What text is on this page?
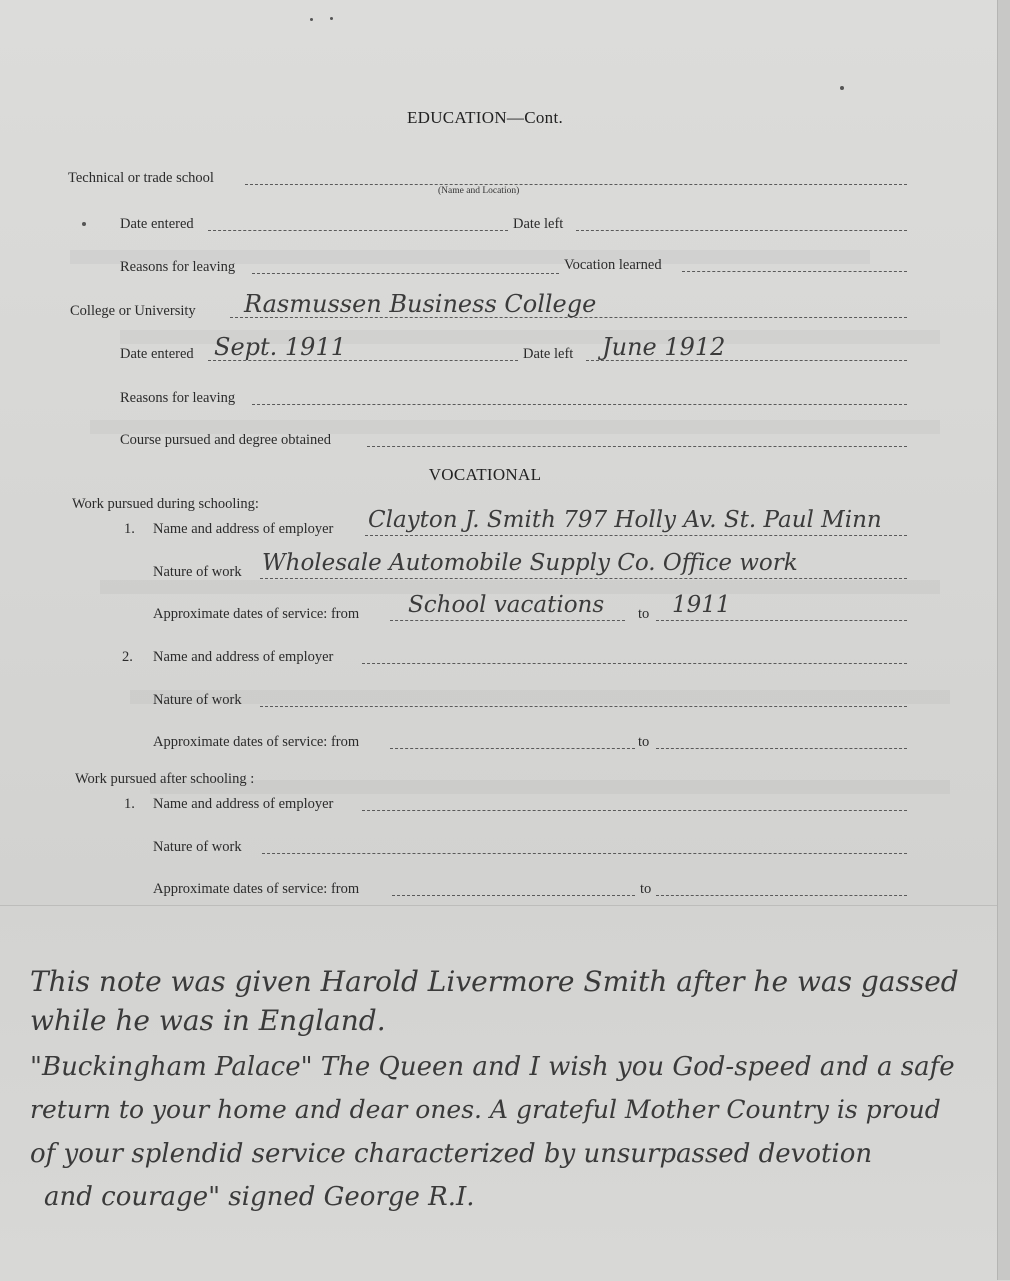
EDUCATION—Cont.
Technical or trade school
(Name and Location)
Date entered	Date left
Reasons for leaving	Vocation learned
College or University Rasmussen Business College
Date entered Sept. 1911	Date left June 1912
Reasons for leaving
Course pursued and degree obtained
VOCATIONAL
Work pursued during schooling:
1. Name and address of employer Clayton J. Smith 797 Holly Av. St. Paul Minn
Nature of work Wholesale Automobile Supply Co. Office work
Approximate dates of service: from School vacations to 1911
2. Name and address of employer
Nature of work
Approximate dates of service: from	to
Work pursued after schooling :
1. Name and address of employer
Nature of work
Approximate dates of service: from	to
This note was given Harold Livermore Smith after he was gassed
while he was in England.
"Buckingham Palace" The Queen and I wish you God-speed and a safe
return to your home and dear ones. A grateful Mother Country is proud
of your splendid service characterized by unsurpassed devotion
and courage" signed George R.I.
